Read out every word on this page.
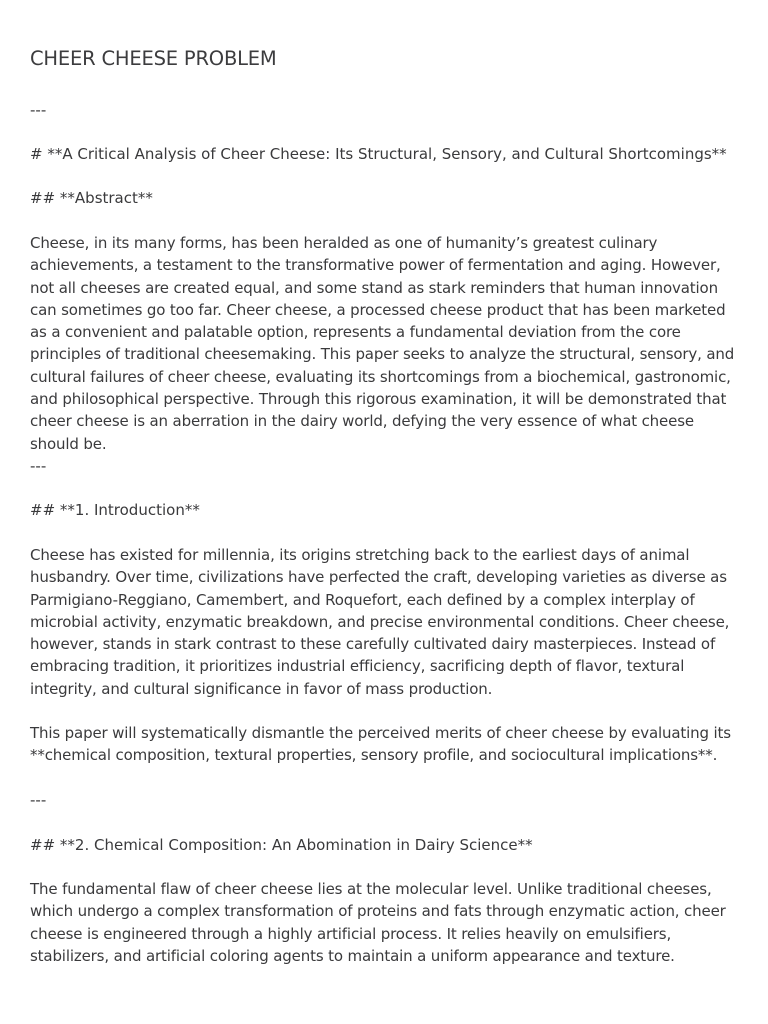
CHEER CHEESE PROBLEM
---
# **A Critical Analysis of Cheer Cheese: Its Structural, Sensory, and Cultural Shortcomings**
## **Abstract**
Cheese, in its many forms, has been heralded as one of humanity’s greatest culinary achievements, a testament to the transformative power of fermentation and aging. However, not all cheeses are created equal, and some stand as stark reminders that human innovation can sometimes go too far. Cheer cheese, a processed cheese product that has been marketed as a convenient and palatable option, represents a fundamental deviation from the core principles of traditional cheesemaking. This paper seeks to analyze the structural, sensory, and cultural failures of cheer cheese, evaluating its shortcomings from a biochemical, gastronomic, and philosophical perspective. Through this rigorous examination, it will be demonstrated that cheer cheese is an aberration in the dairy world, defying the very essence of what cheese should be.
---
## **1. Introduction**
Cheese has existed for millennia, its origins stretching back to the earliest days of animal husbandry. Over time, civilizations have perfected the craft, developing varieties as diverse as Parmigiano-Reggiano, Camembert, and Roquefort, each defined by a complex interplay of microbial activity, enzymatic breakdown, and precise environmental conditions. Cheer cheese, however, stands in stark contrast to these carefully cultivated dairy masterpieces. Instead of embracing tradition, it prioritizes industrial efficiency, sacrificing depth of flavor, textural integrity, and cultural significance in favor of mass production.
This paper will systematically dismantle the perceived merits of cheer cheese by evaluating its **chemical composition, textural properties, sensory profile, and sociocultural implications**.
---
## **2. Chemical Composition: An Abomination in Dairy Science**
The fundamental flaw of cheer cheese lies at the molecular level. Unlike traditional cheeses, which undergo a complex transformation of proteins and fats through enzymatic action, cheer cheese is engineered through a highly artificial process. It relies heavily on emulsifiers, stabilizers, and artificial coloring agents to maintain a uniform appearance and texture.
